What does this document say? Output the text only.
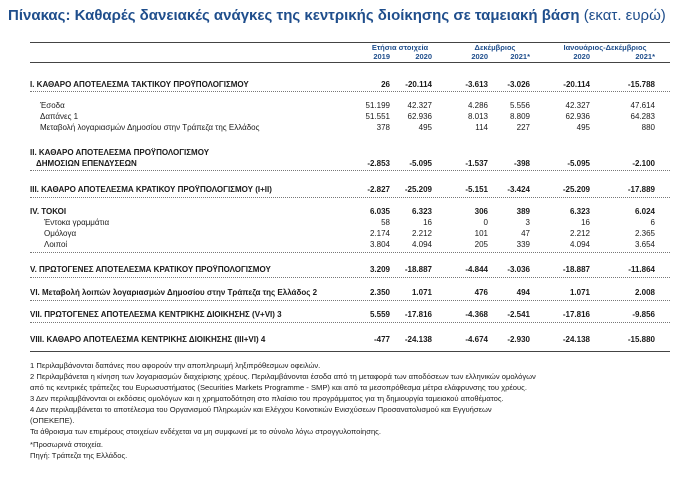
Πίνακας: Καθαρές δανειακές ανάγκες της κεντρικής διοίκησης σε ταμειακή βάση (εκατ. ευρώ)
Ετήσια στοιχεία	Δεκέμβριος	Ιανουάριος-Δεκέμβριος
2019	2020	2020	2021*	2020	2021*
I. ΚΑΘΑΡΟ ΑΠΟΤΕΛΕΣΜΑ ΤΑΚΤΙΚΟΥ ΠΡΟΫΠΟΛΟΓΙΣΜΟΥ	26	-20.114	-3.613	-3.026	-20.114	-15.788
Έσοδα	51.199	42.327	4.286	5.556	42.327	47.614
Δαπάνες 1	51.551	62.936	8.013	8.809	62.936	64.283
Μεταβολή λογαριασμών Δημοσίου στην Τράπεζα της Ελλάδος	378	495	114	227	495	880
II. ΚΑΘΑΡΟ ΑΠΟΤΕΛΕΣΜΑ ΠΡΟΫΠΟΛΟΓΙΣΜΟΥ
ΔΗΜΟΣΙΩΝ ΕΠΕΝΔΥΣΕΩΝ	-2.853	-5.095	-1.537	-398	-5.095	-2.100
III. ΚΑΘΑΡΟ ΑΠΟΤΕΛΕΣΜΑ ΚΡΑΤΙΚΟΥ ΠΡΟΫΠΟΛΟΓΙΣΜΟΥ (I+II)	-2.827	-25.209	-5.151	-3.424	-25.209	-17.889
IV. ΤΟΚΟΙ	6.035	6.323	306	389	6.323	6.024
Έντοκα γραμμάτια	58	16	0	3	16	6
Ομόλογα	2.174	2.212	101	47	2.212	2.365
Λοιποί	3.804	4.094	205	339	4.094	3.654
V. ΠΡΩΤΟΓΕΝΕΣ ΑΠΟΤΕΛΕΣΜΑ ΚΡΑΤΙΚΟΥ ΠΡΟΫΠΟΛΟΓΙΣΜΟΥ	3.209	-18.887	-4.844	-3.036	-18.887	-11.864
VI. Μεταβολή λοιπών λογαριασμών Δημοσίου στην Τράπεζα της Ελλάδος 2	2.350	1.071	476	494	1.071	2.008
VII. ΠΡΩΤΟΓΕΝΕΣ ΑΠΟΤΕΛΕΣΜΑ ΚΕΝΤΡΙΚΗΣ ΔΙΟΙΚΗΣΗΣ (V+VI) 3	5.559	-17.816	-4.368	-2.541	-17.816	-9.856
VIII. ΚΑΘΑΡΟ ΑΠΟΤΕΛΕΣΜΑ ΚΕΝΤΡΙΚΗΣ ΔΙΟΙΚΗΣΗΣ (III+VI) 4	-477	-24.138	-4.674	-2.930	-24.138	-15.880
1 Περιλαμβάνονται δαπάνες που αφορούν την αποπληρωμή ληξιπρόθεσμων οφειλών.
2 Περιλαμβάνεται η κίνηση των λογαριασμών διαχείρισης χρέους. Περιλαμβάνονται έσοδα από τη μεταφορά των αποδόσεων των ελληνικών ομολόγων
από τις κεντρικές τράπεζες του Ευρωσυστήματος (Securities Markets Programme - SMP) και από τα μεσοπρόθεσμα μέτρα ελάφρυνσης του χρέους.
3 Δεν περιλαμβάνονται οι εκδόσεις ομολόγων και η χρηματοδότηση στο πλαίσιο του προγράμματος για τη δημιουργία ταμειακού αποθέματος.
4 Δεν περιλαμβάνεται το αποτέλεσμα του Οργανισμού Πληρωμών και Ελέγχου Κοινοτικών Ενισχύσεων Προσανατολισμού και Εγγυήσεων
(ΟΠΕΚΕΠΕ).
Τα άθροισμα των επιμέρους στοιχείων ενδέχεται να μη συμφωνεί με το σύνολο λόγω στρογγυλοποίησης.
*Προσωρινά στοιχεία.
Πηγή: Τράπεζα της Ελλάδος.
